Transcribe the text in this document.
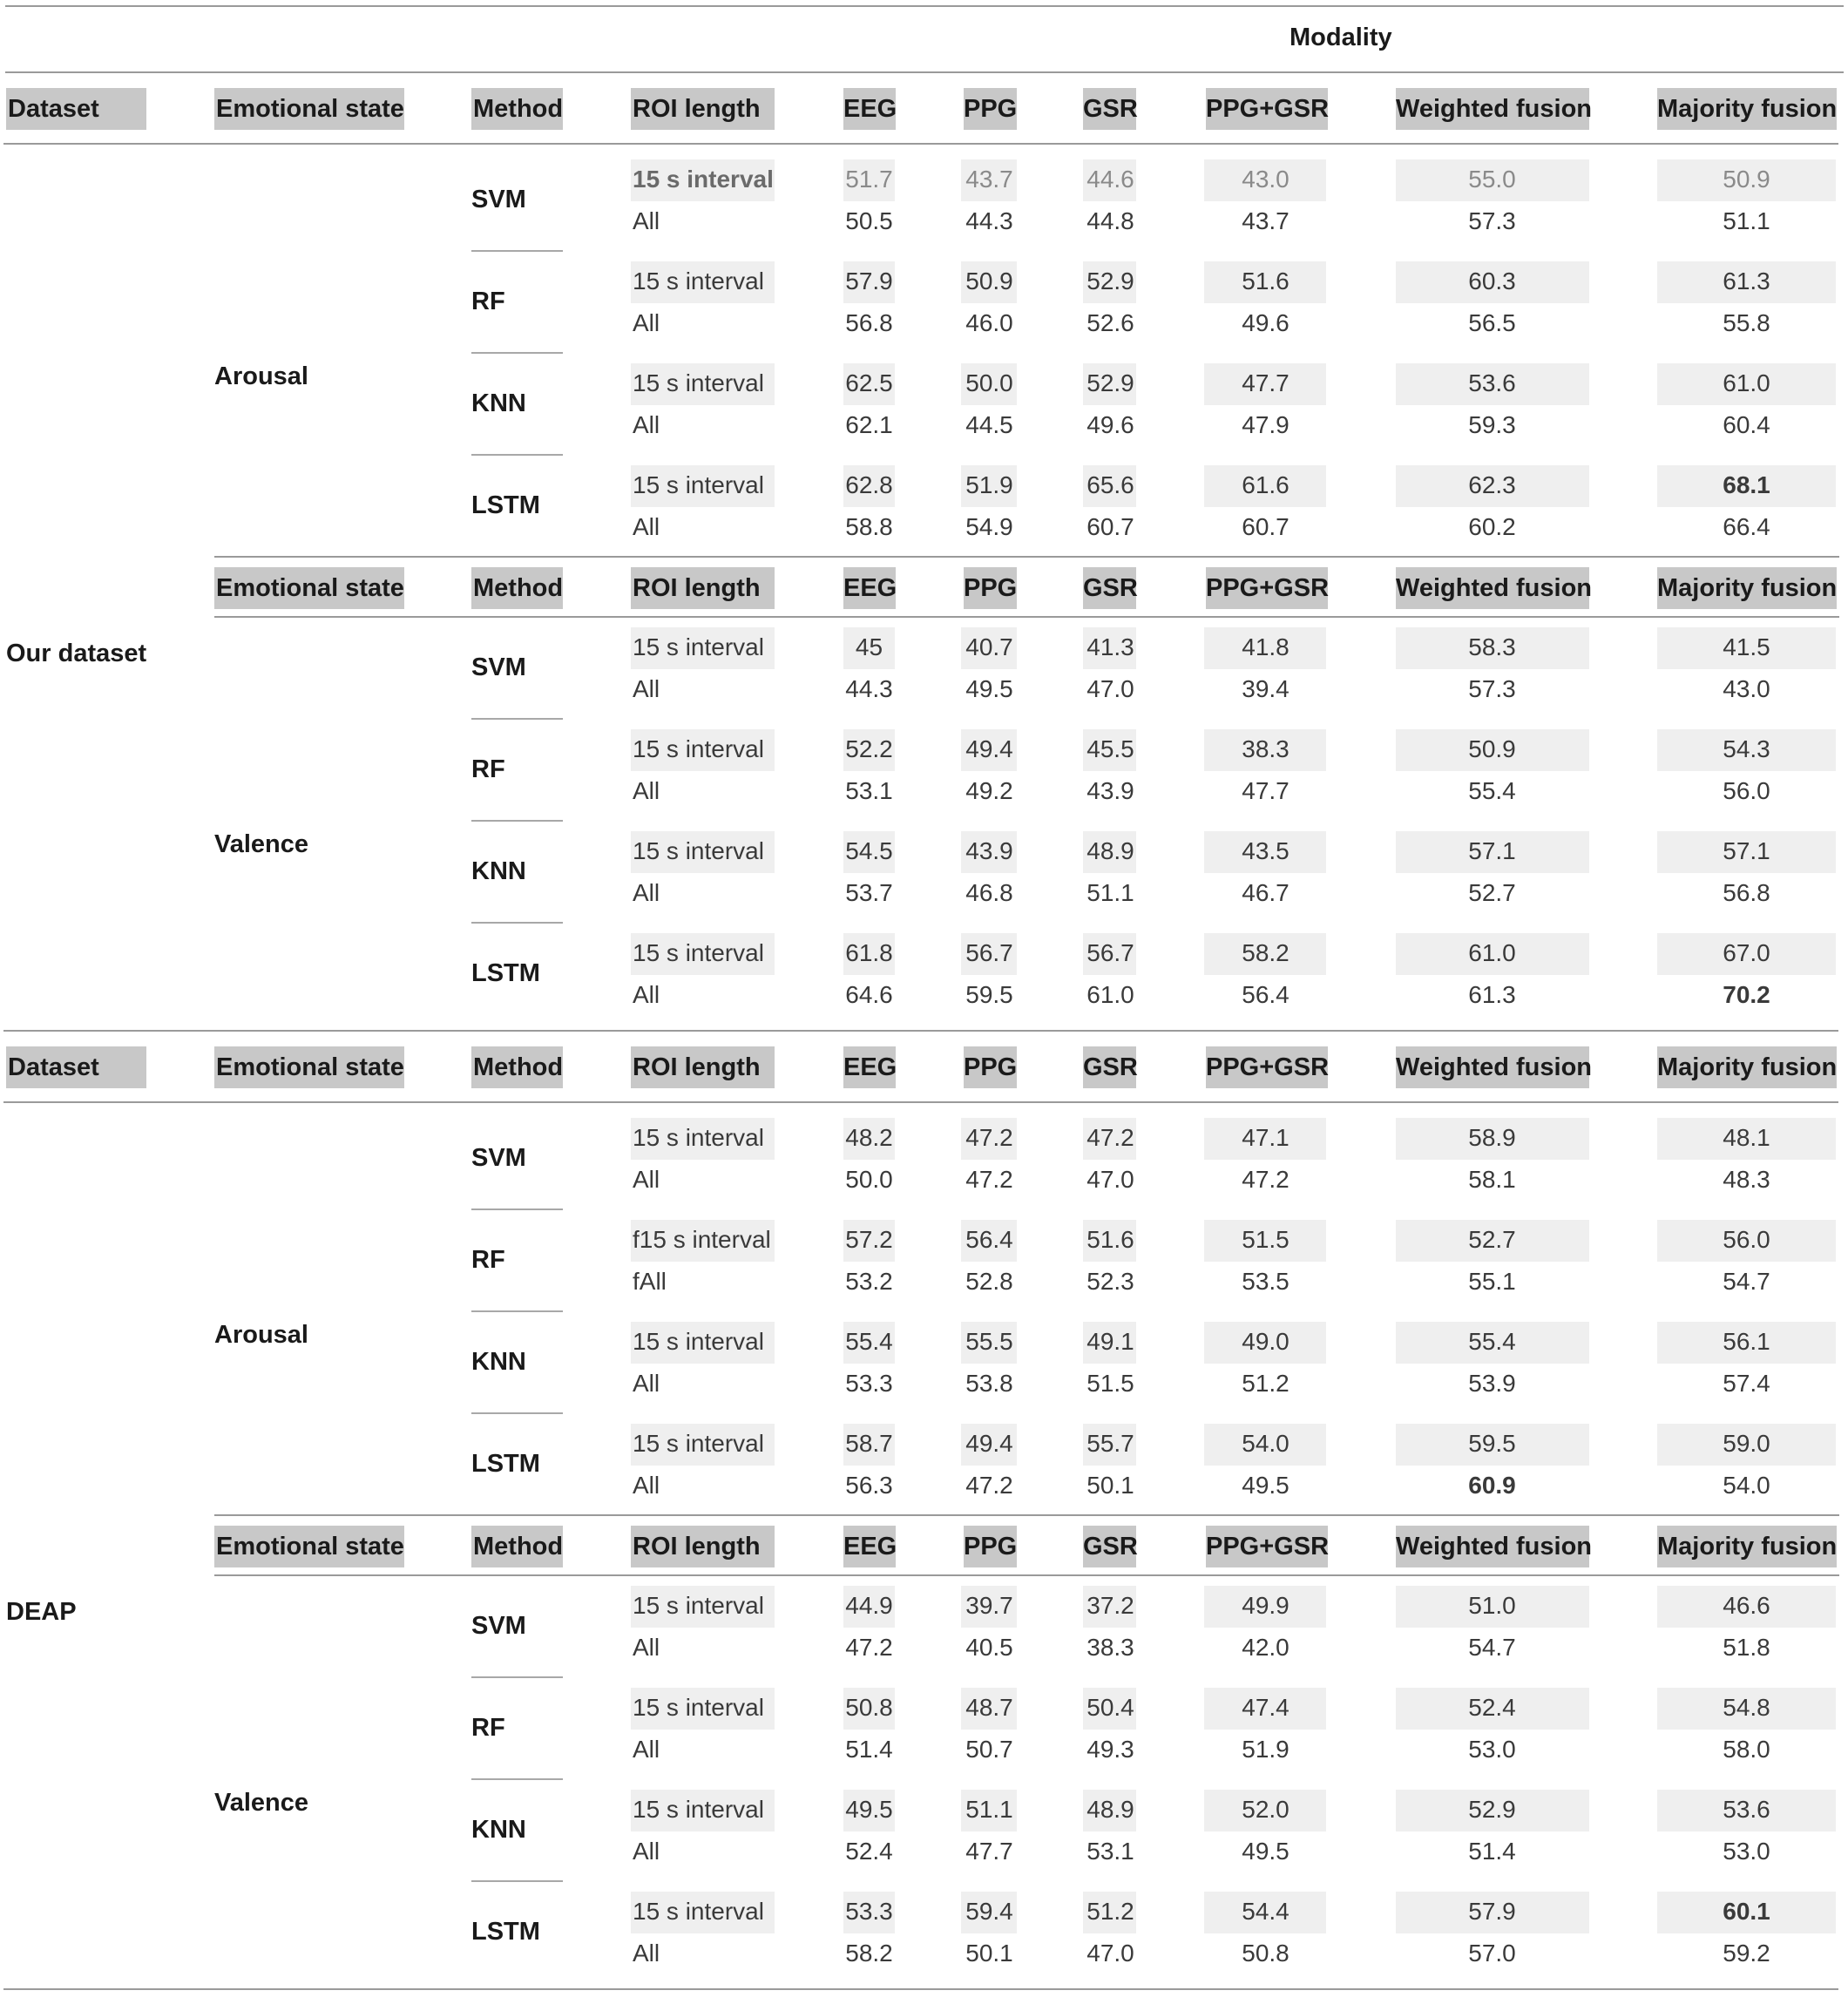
Modality
Dataset	Emotional state	Method	ROI length	EEG	PPG	GSR	PPG+GSR	Weighted fusion	Majority fusion
Our dataset
Arousal
SVM
15 s interval	51.7	43.7	44.6	43.0	55.0	50.9
All	50.5	44.3	44.8	43.7	57.3	51.1
RF
15 s interval	57.9	50.9	52.9	51.6	60.3	61.3
All	56.8	46.0	52.6	49.6	56.5	55.8
KNN
15 s interval	62.5	50.0	52.9	47.7	53.6	61.0
All	62.1	44.5	49.6	47.9	59.3	60.4
LSTM
15 s interval	62.8	51.9	65.6	61.6	62.3	68.1
All	58.8	54.9	60.7	60.7	60.2	66.4
Emotional state	Method	ROI length	EEG	PPG	GSR	PPG+GSR	Weighted fusion	Majority fusion
Valence
SVM
15 s interval	45	40.7	41.3	41.8	58.3	41.5
All	44.3	49.5	47.0	39.4	57.3	43.0
RF
15 s interval	52.2	49.4	45.5	38.3	50.9	54.3
All	53.1	49.2	43.9	47.7	55.4	56.0
KNN
15 s interval	54.5	43.9	48.9	43.5	57.1	57.1
All	53.7	46.8	51.1	46.7	52.7	56.8
LSTM
15 s interval	61.8	56.7	56.7	58.2	61.0	67.0
All	64.6	59.5	61.0	56.4	61.3	70.2
Dataset	Emotional state	Method	ROI length	EEG	PPG	GSR	PPG+GSR	Weighted fusion	Majority fusion
DEAP
Arousal
SVM
15 s interval	48.2	47.2	47.2	47.1	58.9	48.1
All	50.0	47.2	47.0	47.2	58.1	48.3
RF
f15 s interval	57.2	56.4	51.6	51.5	52.7	56.0
fAll	53.2	52.8	52.3	53.5	55.1	54.7
KNN
15 s interval	55.4	55.5	49.1	49.0	55.4	56.1
All	53.3	53.8	51.5	51.2	53.9	57.4
LSTM
15 s interval	58.7	49.4	55.7	54.0	59.5	59.0
All	56.3	47.2	50.1	49.5	60.9	54.0
Emotional state	Method	ROI length	EEG	PPG	GSR	PPG+GSR	Weighted fusion	Majority fusion
Valence
SVM
15 s interval	44.9	39.7	37.2	49.9	51.0	46.6
All	47.2	40.5	38.3	42.0	54.7	51.8
RF
15 s interval	50.8	48.7	50.4	47.4	52.4	54.8
All	51.4	50.7	49.3	51.9	53.0	58.0
KNN
15 s interval	49.5	51.1	48.9	52.0	52.9	53.6
All	52.4	47.7	53.1	49.5	51.4	53.0
LSTM
15 s interval	53.3	59.4	51.2	54.4	57.9	60.1
All	58.2	50.1	47.0	50.8	57.0	59.2
